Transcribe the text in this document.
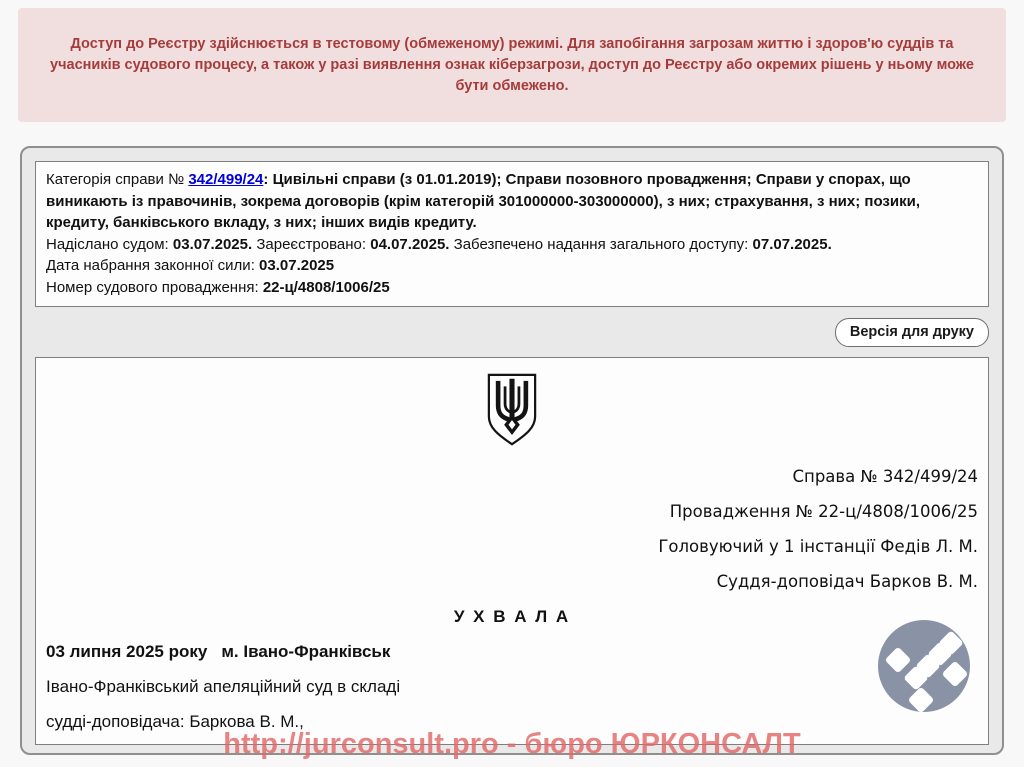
Доступ до Реєстру здійснюється в тестовому (обмеженому) режимі. Для запобігання загрозам життю і здоров'ю суддів та учасників судового процесу, а також у разі виявлення ознак кіберзагрози, доступ до Реєстру або окремих рішень у ньому може бути обмежено.

Категорія справи № 342/499/24: Цивільні справи (з 01.01.2019); Справи позовного провадження; Справи у спорах, що виникають із правочинів, зокрема договорів (крім категорій 301000000-303000000), з них; страхування, з них; позики, кредиту, банківського вкладу, з них; інших видів кредиту.

Надіслано судом: 03.07.2025. Зареєстровано: 04.07.2025. Забезпечено надання загального доступу: 07.07.2025.

Дата набрання законної сили: 03.07.2025

Номер судового провадження: 22-ц/4808/1006/25

Версія для друку

Справа № 342/499/24

Провадження № 22-ц/4808/1006/25

Головуючий у 1 інстанції Федів Л. М.

Суддя-доповідач Барков В. М.

У Х В А Л А

03 липня 2025 року м. Івано-Франківськ

Івано-Франківський апеляційний суд в складі

судді-доповідача: Баркова В. М.,

http://jurconsult.pro - бюро ЮРКОНСАЛТ
